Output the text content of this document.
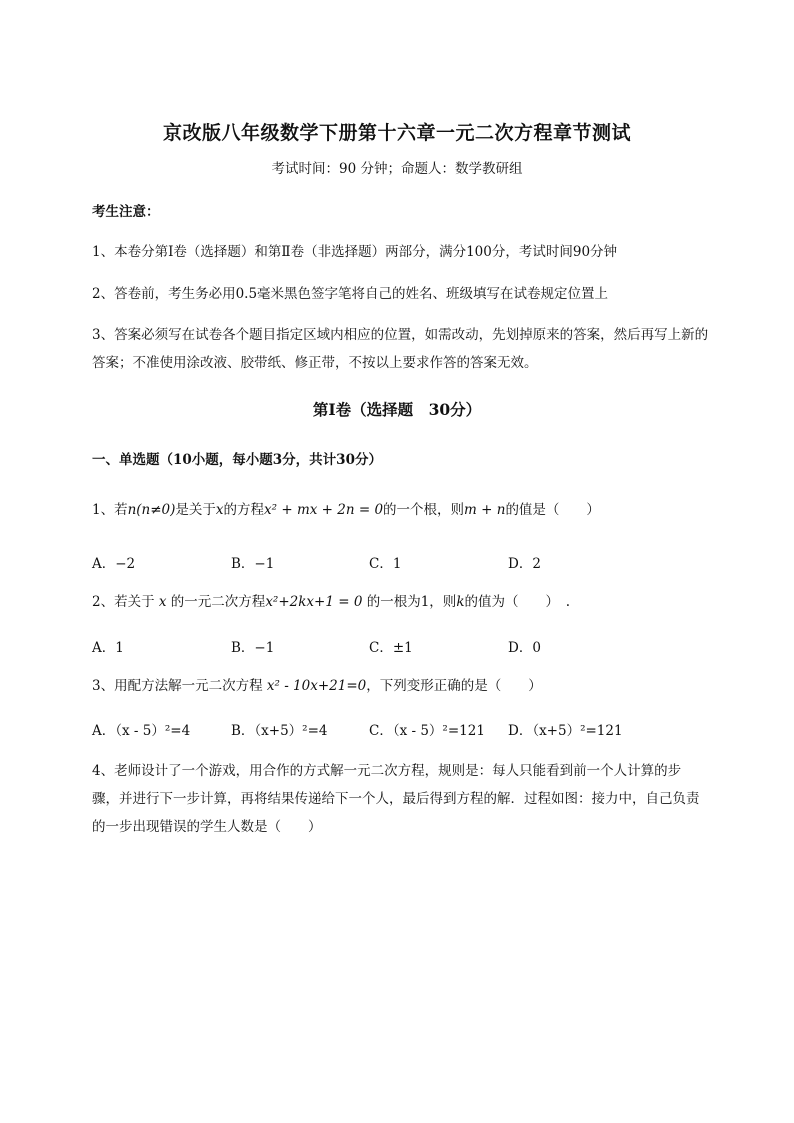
京改版八年级数学下册第十六章一元二次方程章节测试
考试时间：90 分钟；命题人：数学教研组
考生注意：
1、本卷分第I卷（选择题）和第Ⅱ卷（非选择题）两部分，满分100分，考试时间90分钟
2、答卷前，考生务必用0.5毫米黑色签字笔将自己的姓名、班级填写在试卷规定位置上
3、答案必须写在试卷各个题目指定区域内相应的位置，如需改动，先划掉原来的答案，然后再写上新的答案；不准使用涂改液、胶带纸、修正带，不按以上要求作答的答案无效。
第I卷（选择题　30分）
一、单选题（10小题，每小题3分，共计30分）
1、若n(n≠0)是关于x的方程x² + mx + 2n = 0的一个根，则m + n的值是（　　）
A．−2	B．−1	C．1	D．2
2、若关于 x 的一元二次方程x²+2kx+1 = 0 的一根为1，则k的值为（　　）　.
A．1	B．−1	C．±1	D．0
3、用配方法解一元二次方程 x² - 10x+21=0，下列变形正确的是（　　）
A．（x - 5）²=4	B．（x+5）²=4	C．（x - 5）²=121 D．（x+5）²=121
4、老师设计了一个游戏，用合作的方式解一元二次方程，规则是：每人只能看到前一个人计算的步骤，并进行下一步计算，再将结果传递给下一个人，最后得到方程的解．过程如图：接力中，自己负责的一步出现错误的学生人数是（　　）
